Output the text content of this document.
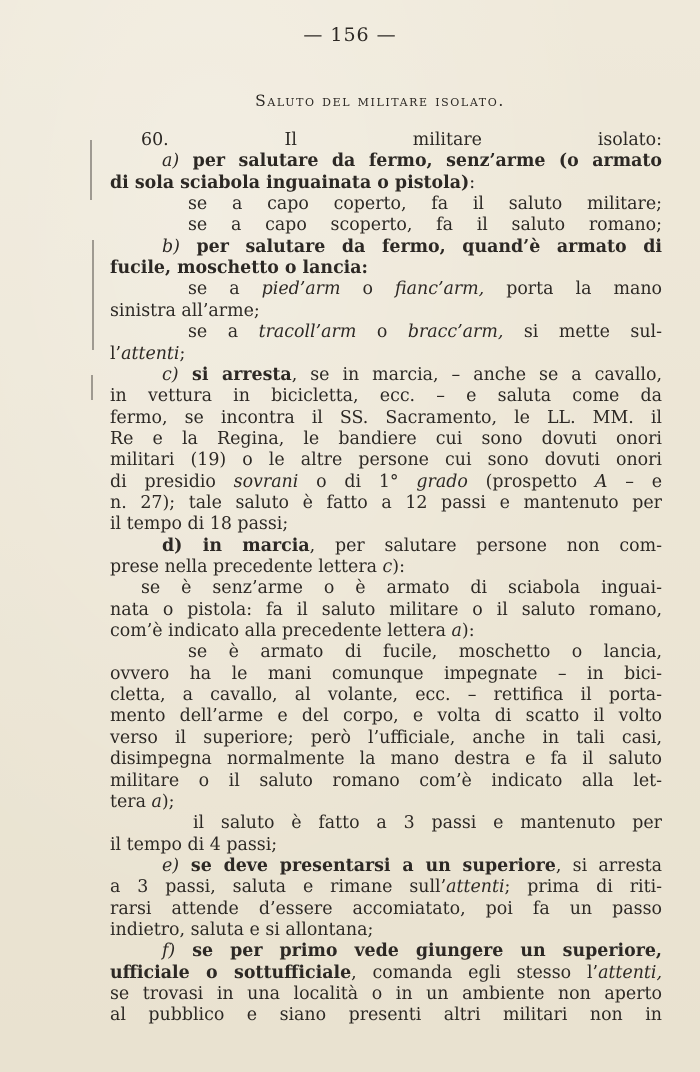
— 156 —
Saluto del militare isolato.
60. Il militare isolato:
a) per salutare da fermo, senz’arme (o armato
di sola sciabola inguainata o pistola):
se a capo coperto, fa il saluto militare;
se a capo scoperto, fa il saluto romano;
b) per salutare da fermo, quand’è armato di
fucile, moschetto o lancia:
se a pied’arm o fianc’arm, porta la mano
sinistra all’arme;
se a tracoll’arm o bracc’arm, si mette sul-
l’attenti;
c) si arresta, se in marcia, – anche se a cavallo,
in vettura in bicicletta, ecc. – e saluta come da
fermo, se incontra il SS. Sacramento, le LL. MM. il
Re e la Regina, le bandiere cui sono dovuti onori
militari (19) o le altre persone cui sono dovuti onori
di presidio sovrani o di 1° grado (prospetto A – e
n. 27); tale saluto è fatto a 12 passi e mantenuto per
il tempo di 18 passi;
d) in marcia, per salutare persone non com-
prese nella precedente lettera c):
se è senz’arme o è armato di sciabola inguai-
nata o pistola: fa il saluto militare o il saluto romano,
com’è indicato alla precedente lettera a):
se è armato di fucile, moschetto o lancia,
ovvero ha le mani comunque impegnate – in bici-
cletta, a cavallo, al volante, ecc. – rettifica il porta-
mento dell’arme e del corpo, e volta di scatto il volto
verso il superiore; però l’ufficiale, anche in tali casi,
disimpegna normalmente la mano destra e fa il saluto
militare o il saluto romano com’è indicato alla let-
tera a);
il saluto è fatto a 3 passi e mantenuto per
il tempo di 4 passi;
e) se deve presentarsi a un superiore, si arresta
a 3 passi, saluta e rimane sull’attenti; prima di riti-
rarsi attende d’essere accomiatato, poi fa un passo
indietro, saluta e si allontana;
f) se per primo vede giungere un superiore,
ufficiale o sottufficiale, comanda egli stesso l’attenti,
se trovasi in una località o in un ambiente non aperto
al pubblico e siano presenti altri militari non in
